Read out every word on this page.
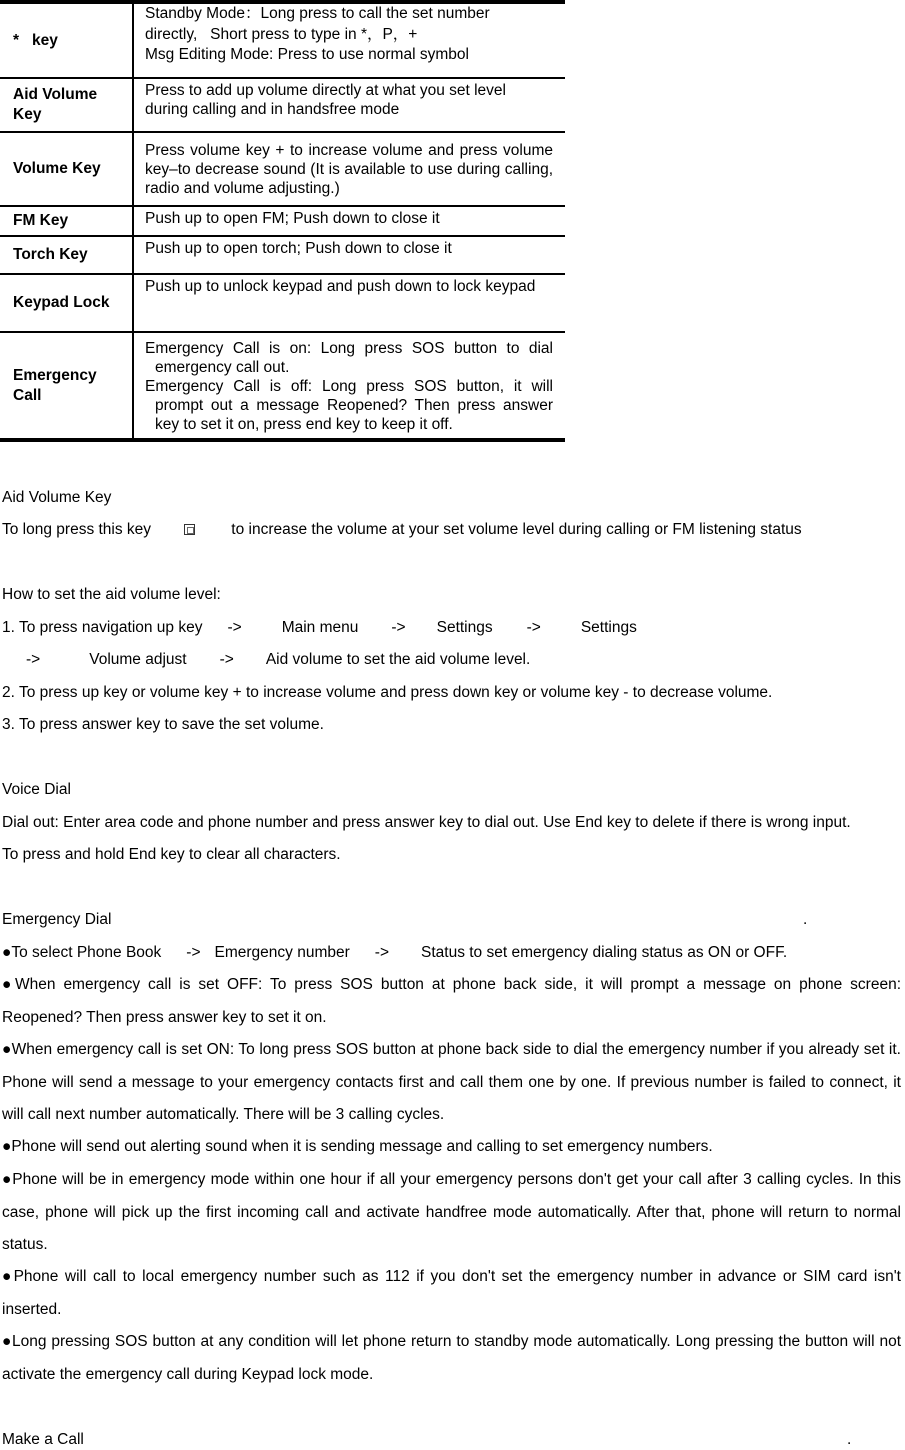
*   key	Standby Mode：Long press to call the set number
directly,   Short press to type in *，P，+
Msg Editing Mode: Press to use normal symbol

Aid Volume Key	Press to add up volume directly at what you set level during calling and in handsfree mode
Volume Key	Press volume key + to increase volume and press volume key–to decrease sound (It is available to use during calling, radio and volume adjusting.)
FM Key	Push up to open FM; Push down to close it
Torch Key	Push up to open torch; Push down to close it
Keypad Lock	Push up to unlock keypad and push down to lock keypad
Emergency Call	Emergency Call is on: Long press SOS button to dial emergency call out.
Emergency Call is off: Long press SOS button, it will prompt out a message Reopened? Then press answer key to set it on, press end key to keep it off.
Aid Volume Key
To long press this key	to increase the volume at your set volume level during calling or FM listening status
How to set the aid volume level:
1. To press navigation up key ->	Main menu -> Settings ->	Settings
->	Volume adjust -> Aid volume to set the aid volume level.
2. To press up key or volume key + to increase volume and press down key or volume key - to decrease volume.
3. To press answer key to save the set volume.
Voice Dial
Dial out: Enter area code and phone number and press answer key to dial out. Use End key to delete if there is wrong input.
To press and hold End key to clear all characters.
Emergency Dial	.
●To select Phone Book -> Emergency number -> Status to set emergency dialing status as ON or OFF.
●When emergency call is set OFF: To press SOS button at phone back side, it will prompt a message on phone screen: Reopened? Then press answer key to set it on.
●When emergency call is set ON: To long press SOS button at phone back side to dial the emergency number if you already set it. Phone will send a message to your emergency contacts first and call them one by one. If previous number is failed to connect, it will call next number automatically. There will be 3 calling cycles.
●Phone will send out alerting sound when it is sending message and calling to set emergency numbers.
●Phone will be in emergency mode within one hour if all your emergency persons don't get your call after 3 calling cycles. In this case, phone will pick up the first incoming call and activate handfree mode automatically. After that, phone will return to normal status.
●Phone will call to local emergency number such as 112 if you don't set the emergency number in advance or SIM card isn't inserted.
●Long pressing SOS button at any condition will let phone return to standby mode automatically. Long pressing the button will not activate the emergency call during Keypad lock mode.
Make a Call	.
